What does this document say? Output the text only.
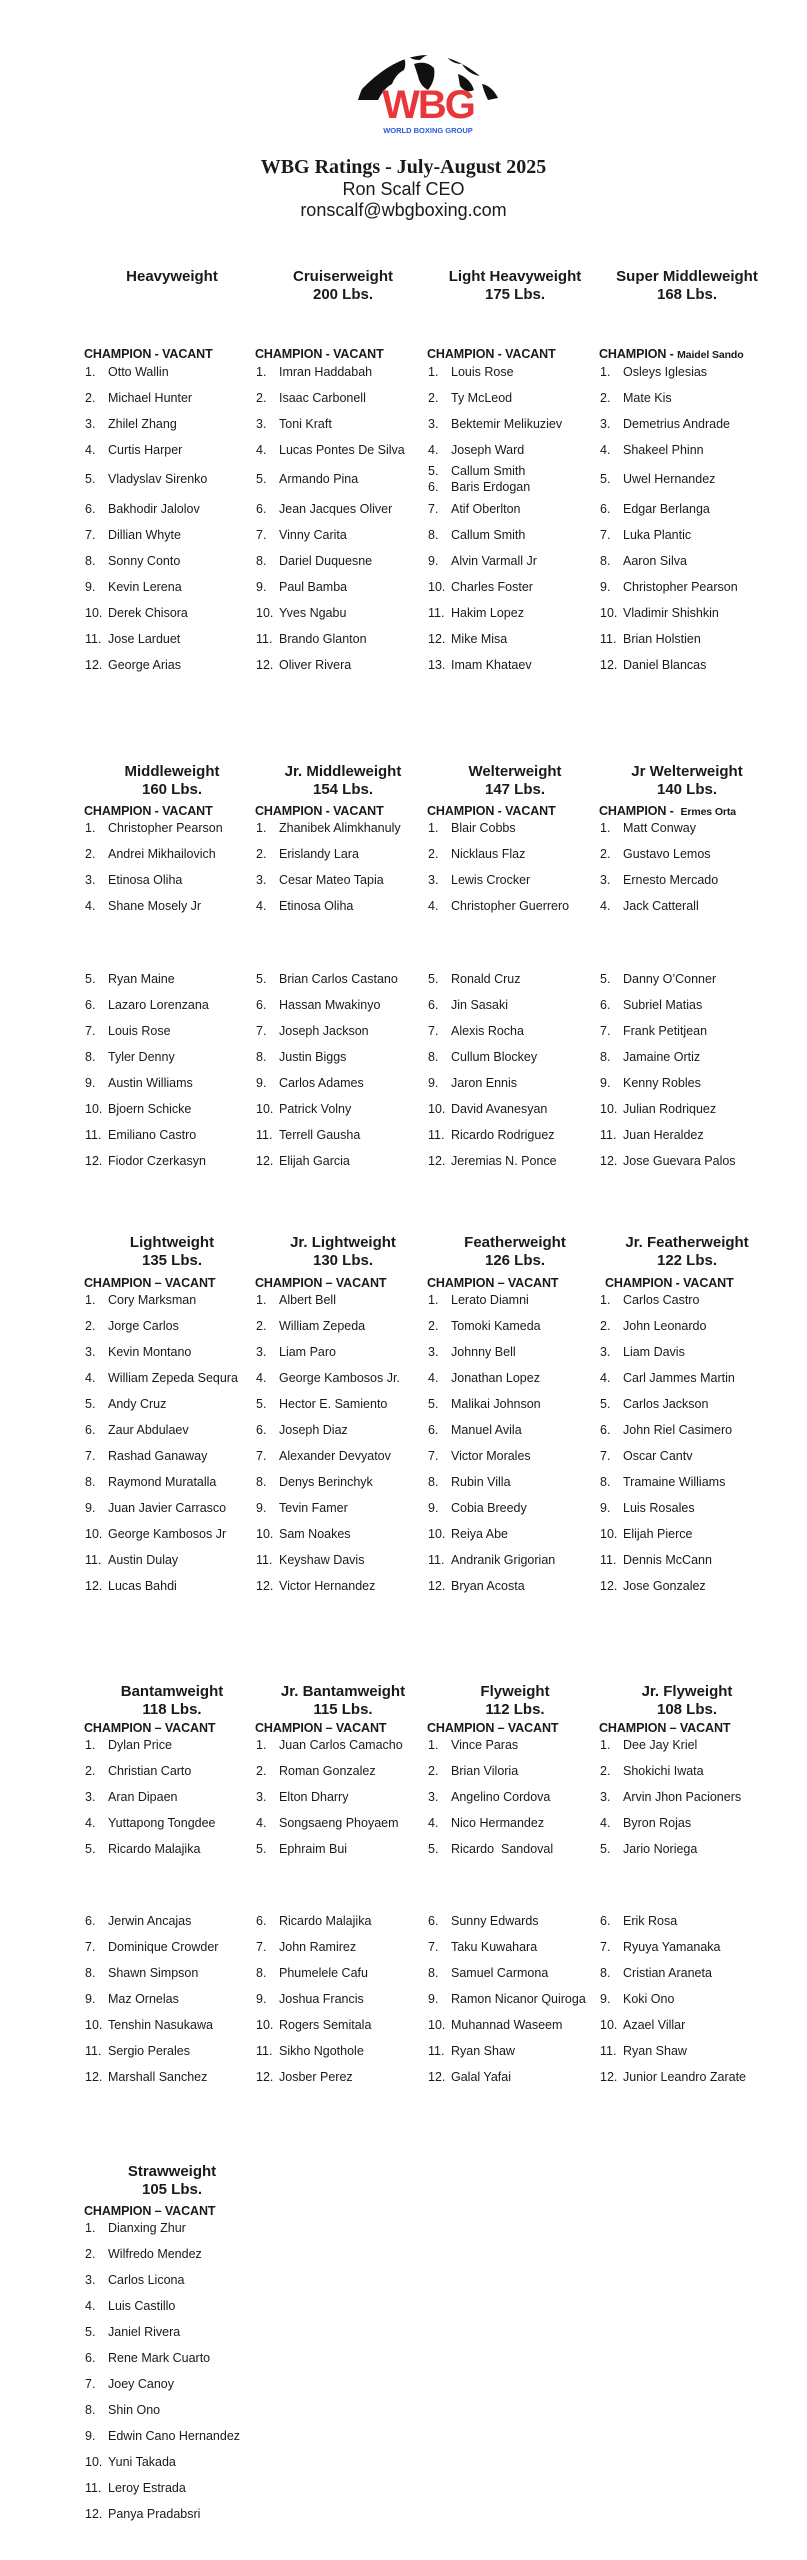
WBG
WORLD BOXING GROUP
WBG Ratings - July-August 2025
Ron Scalf CEO
ronscalf@wbgboxing.com
Heavyweight
CHAMPION - VACANT
1. Otto Wallin
2. Michael Hunter
3. Zhilel Zhang
4. Curtis Harper
5. Vladyslav Sirenko
6. Bakhodir Jalolov
7. Dillian Whyte
8. Sonny Conto
9. Kevin Lerena
10. Derek Chisora
11. Jose Larduet
12. George Arias
Cruiserweight
200 Lbs.
CHAMPION - VACANT
1. Imran Haddabah
2. Isaac Carbonell
3. Toni Kraft
4. Lucas Pontes De Silva
5. Armando Pina
6. Jean Jacques Oliver
7. Vinny Carita
8. Dariel Duquesne
9. Paul Bamba
10. Yves Ngabu
11. Brando Glanton
12. Oliver Rivera
Light Heavyweight
175 Lbs.
CHAMPION - VACANT
1. Louis Rose
2. Ty McLeod
3. Bektemir Melikuziev
4. Joseph Ward
5. Callum Smith
6. Baris Erdogan
7. Atif Oberlton
8. Callum Smith
9. Alvin Varmall Jr
10. Charles Foster
11. Hakim Lopez
12. Mike Misa
13. Imam Khataev
Super Middleweight
168 Lbs.
CHAMPION - Maidel Sando
1. Osleys Iglesias
2. Mate Kis
3. Demetrius Andrade
4. Shakeel Phinn
5. Uwel Hernandez
6. Edgar Berlanga
7. Luka Plantic
8. Aaron Silva
9. Christopher Pearson
10. Vladimir Shishkin
11. Brian Holstien
12. Daniel Blancas
Middleweight
160 Lbs.
CHAMPION - VACANT
1. Christopher Pearson
2. Andrei Mikhailovich
3. Etinosa Oliha
4. Shane Mosely Jr
5. Ryan Maine
6. Lazaro Lorenzana
7. Louis Rose
8. Tyler Denny
9. Austin Williams
10. Bjoern Schicke
11. Emiliano Castro
12. Fiodor Czerkasyn
Jr. Middleweight
154 Lbs.
CHAMPION - VACANT
1. Zhanibek Alimkhanuly
2. Erislandy Lara
3. Cesar Mateo Tapia
4. Etinosa Oliha
5. Brian Carlos Castano
6. Hassan Mwakinyo
7. Joseph Jackson
8. Justin Biggs
9. Carlos Adames
10. Patrick Volny
11. Terrell Gausha
12. Elijah Garcia
Welterweight
147 Lbs.
CHAMPION - VACANT
1. Blair Cobbs
2. Nicklaus Flaz
3. Lewis Crocker
4. Christopher Guerrero
5. Ronald Cruz
6. Jin Sasaki
7. Alexis Rocha
8. Cullum Blockey
9. Jaron Ennis
10. David Avanesyan
11. Ricardo Rodriguez
12. Jeremias N. Ponce
Jr Welterweight
140 Lbs.
CHAMPION -  Ermes Orta
1. Matt Conway
2. Gustavo Lemos
3. Ernesto Mercado
4. Jack Catterall
5. Danny O’Conner
6. Subriel Matias
7. Frank Petitjean
8. Jamaine Ortiz
9. Kenny Robles
10. Julian Rodriquez
11. Juan Heraldez
12. Jose Guevara Palos
Lightweight
135 Lbs.
CHAMPION – VACANT
1. Cory Marksman
2. Jorge Carlos
3. Kevin Montano
4. William Zepeda Sequra
5. Andy Cruz
6. Zaur Abdulaev
7. Rashad Ganaway
8. Raymond Muratalla
9. Juan Javier Carrasco
10. George Kambosos Jr
11. Austin Dulay
12. Lucas Bahdi
Jr. Lightweight
130 Lbs.
CHAMPION – VACANT
1. Albert Bell
2. William Zepeda
3. Liam Paro
4. George Kambosos Jr.
5. Hector E. Samiento
6. Joseph Diaz
7. Alexander Devyatov
8. Denys Berinchyk
9. Tevin Famer
10. Sam Noakes
11. Keyshaw Davis
12. Victor Hernandez
Featherweight
126 Lbs.
CHAMPION – VACANT
1. Lerato Diamni
2. Tomoki Kameda
3. Johnny Bell
4. Jonathan Lopez
5. Malikai Johnson
6. Manuel Avila
7. Victor Morales
8. Rubin Villa
9. Cobia Breedy
10. Reiya Abe
11. Andranik Grigorian
12. Bryan Acosta
Jr. Featherweight
122 Lbs.
CHAMPION - VACANT
1. Carlos Castro
2. John Leonardo
3. Liam Davis
4. Carl Jammes Martin
5. Carlos Jackson
6. John Riel Casimero
7. Oscar Cantv
8. Tramaine Williams
9. Luis Rosales
10. Elijah Pierce
11. Dennis McCann
12. Jose Gonzalez
Bantamweight
118 Lbs.
CHAMPION – VACANT
1. Dylan Price
2. Christian Carto
3. Aran Dipaen
4. Yuttapong Tongdee
5. Ricardo Malajika
6. Jerwin Ancajas
7. Dominique Crowder
8. Shawn Simpson
9. Maz Ornelas
10. Tenshin Nasukawa
11. Sergio Perales
12. Marshall Sanchez
Jr. Bantamweight
115 Lbs.
CHAMPION – VACANT
1. Juan Carlos Camacho
2. Roman Gonzalez
3. Elton Dharry
4. Songsaeng Phoyaem
5. Ephraim Bui
6. Ricardo Malajika
7. John Ramirez
8. Phumelele Cafu
9. Joshua Francis
10. Rogers Semitala
11. Sikho Ngothole
12. Josber Perez
Flyweight
112 Lbs.
CHAMPION – VACANT
1. Vince Paras
2. Brian Viloria
3. Angelino Cordova
4. Nico Hermandez
5. Ricardo  Sandoval
6. Sunny Edwards
7. Taku Kuwahara
8. Samuel Carmona
9. Ramon Nicanor Quiroga
10. Muhannad Waseem
11. Ryan Shaw
12. Galal Yafai
Jr. Flyweight
108 Lbs.
CHAMPION – VACANT
1. Dee Jay Kriel
2. Shokichi Iwata
3. Arvin Jhon Pacioners
4. Byron Rojas
5. Jario Noriega
6. Erik Rosa
7. Ryuya Yamanaka
8. Cristian Araneta
9. Koki Ono
10. Azael Villar
11. Ryan Shaw
12. Junior Leandro Zarate
Strawweight
105 Lbs.
CHAMPION – VACANT
1. Dianxing Zhur
2. Wilfredo Mendez
3. Carlos Licona
4. Luis Castillo
5. Janiel Rivera
6. Rene Mark Cuarto
7. Joey Canoy
8. Shin Ono
9. Edwin Cano Hernandez
10. Yuni Takada
11. Leroy Estrada
12. Panya Pradabsri
